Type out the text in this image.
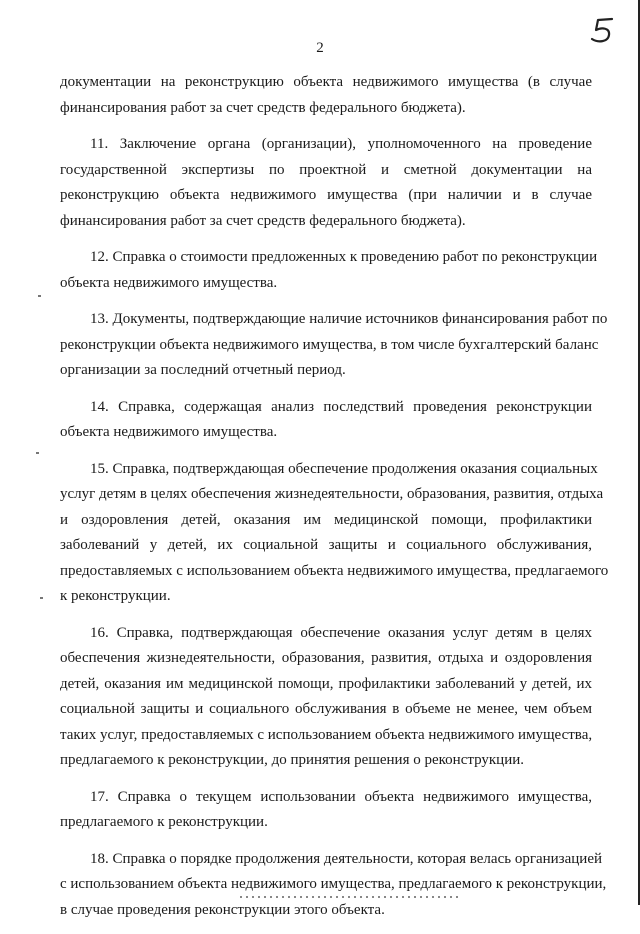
2

документации на реконструкцию объекта недвижимого имущества (в случае
финансирования работ за счет средств федерального бюджета).

11. Заключение органа (организации), уполномоченного на проведение
государственной экспертизы по проектной и сметной документации на
реконструкцию объекта недвижимого имущества (при наличии и в случае
финансирования работ за счет средств федерального бюджета).

12. Справка о стоимости предложенных к проведению работ по реконструкции
объекта недвижимого имущества.

13. Документы, подтверждающие наличие источников финансирования работ по
реконструкции объекта недвижимого имущества, в том числе бухгалтерский баланс
организации за последний отчетный период.

14. Справка, содержащая анализ последствий проведения реконструкции
объекта недвижимого имущества.

15. Справка, подтверждающая обеспечение продолжения оказания социальных
услуг детям в целях обеспечения жизнедеятельности, образования, развития, отдыха
и оздоровления детей, оказания им медицинской помощи, профилактики
заболеваний у детей, их социальной защиты и социального обслуживания,
предоставляемых с использованием объекта недвижимого имущества, предлагаемого
к реконструкции.

16. Справка, подтверждающая обеспечение оказания услуг детям в целях
обеспечения жизнедеятельности, образования, развития, отдыха и оздоровления
детей, оказания им медицинской помощи, профилактики заболеваний у детей, их
социальной защиты и социального обслуживания в объеме не менее, чем объем
таких услуг, предоставляемых с использованием объекта недвижимого имущества,
предлагаемого к реконструкции, до принятия решения о реконструкции.

17. Справка о текущем использовании объекта недвижимого имущества,
предлагаемого к реконструкции.

18. Справка о порядке продолжения деятельности, которая велась организацией
с использованием объекта недвижимого имущества, предлагаемого к реконструкции,
в случае проведения реконструкции этого объекта.
